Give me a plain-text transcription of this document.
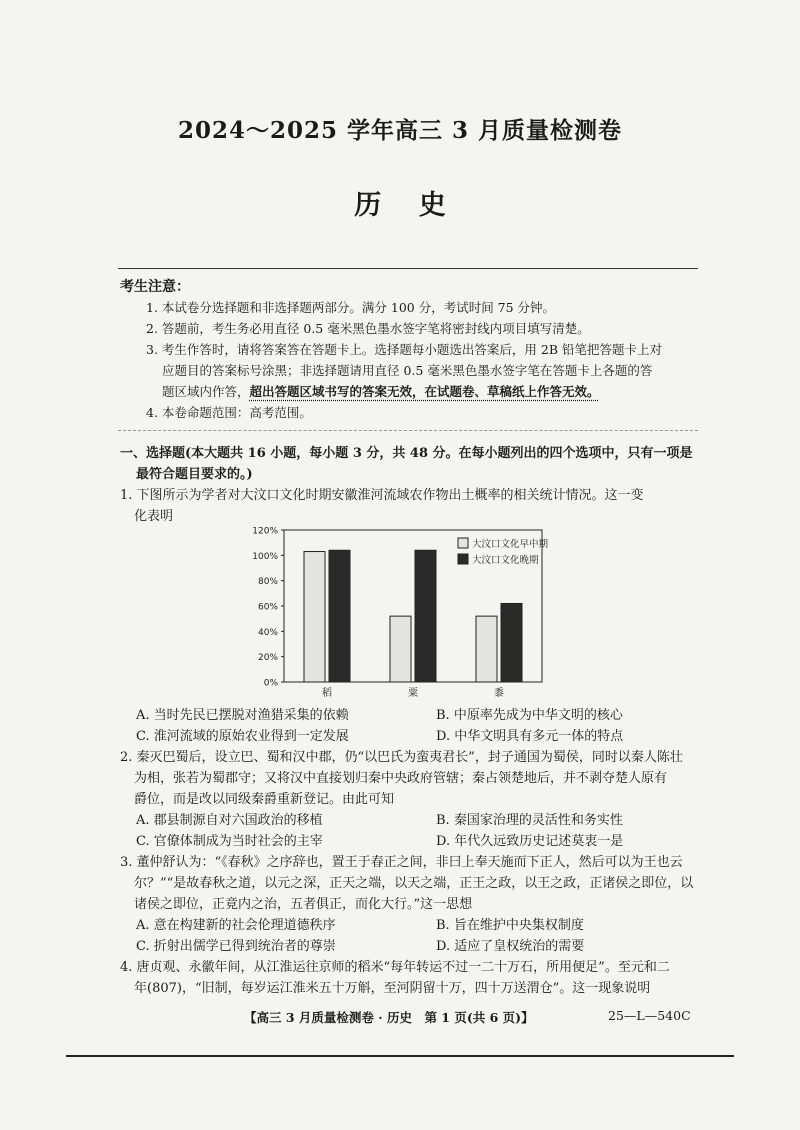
2024～2025 学年高三 3 月质量检测卷
历    史
考生注意：
1. 本试卷分选择题和非选择题两部分。满分 100 分，考试时间 75 分钟。
2. 答题前，考生务必用直径 0.5 毫米黑色墨水签字笔将密封线内项目填写清楚。
3. 考生作答时，请将答案答在答题卡上。选择题每小题选出答案后，用 2B 铅笔把答题卡上对
应题目的答案标号涂黑；非选择题请用直径 0.5 毫米黑色墨水签字笔在答题卡上各题的答
题区域内作答，超出答题区域书写的答案无效，在试题卷、草稿纸上作答无效。
4. 本卷命题范围：高考范围。
一、选择题(本大题共 16 小题，每小题 3 分，共 48 分。在每小题列出的四个选项中，只有一项是
最符合题目要求的。)
1. 下图所示为学者对大汶口文化时期安徽淮河流域农作物出土概率的相关统计情况。这一变
化表明
0%
20%
40%
60%
80%
100%
120%
稻	粟	黍
大汶口文化早中期
大汶口文化晚期
A. 当时先民已摆脱对渔猎采集的依赖	B. 中原率先成为中华文明的核心
C. 淮河流域的原始农业得到一定发展	D. 中华文明具有多元一体的特点
2. 秦灭巴蜀后，设立巴、蜀和汉中郡，仍“以巴氏为蛮夷君长”，封子通国为蜀侯，同时以秦人陈壮
为相，张若为蜀郡守；又将汉中直接划归秦中央政府管辖；秦占领楚地后，并不剥夺楚人原有
爵位，而是改以同级秦爵重新登记。由此可知
A. 郡县制源自对六国政治的移植	B. 秦国家治理的灵活性和务实性
C. 官僚体制成为当时社会的主宰	D. 年代久远致历史记述莫衷一是
3. 董仲舒认为：“《春秋》之序辞也，置王于春正之间，非曰上奉天施而下正人，然后可以为王也云
尔？”“是故春秋之道，以元之深，正天之端，以天之端，正王之政，以王之政，正诸侯之即位，以
诸侯之即位，正竟内之治，五者俱正，而化大行。”这一思想
A. 意在构建新的社会伦理道德秩序	B. 旨在维护中央集权制度
C. 折射出儒学已得到统治者的尊崇	D. 适应了皇权统治的需要
4. 唐贞观、永徽年间，从江淮运往京师的稻米“每年转运不过一二十万石，所用便足”。至元和二
年(807)，“旧制，每岁运江淮米五十万斛，至河阴留十万，四十万送渭仓”。这一现象说明
【高三 3 月质量检测卷 · 历史　第 1 页(共 6 页)】	25—L—540C
